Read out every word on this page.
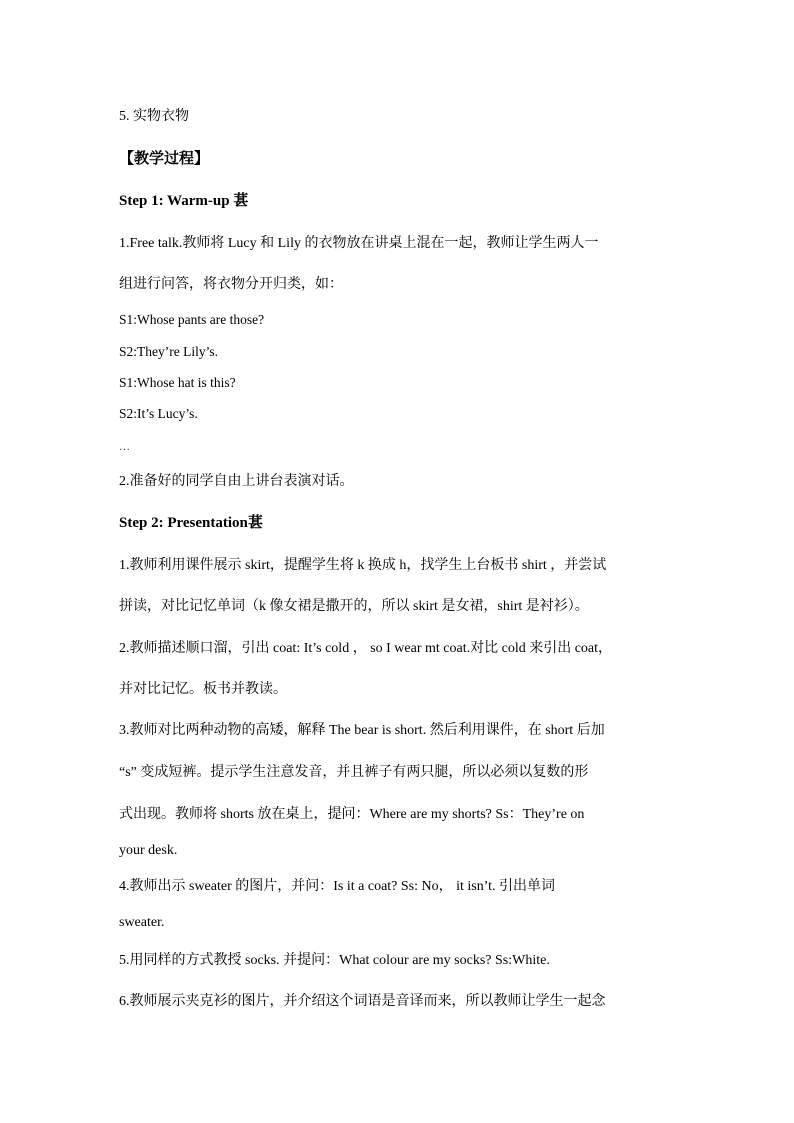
5. 实物衣物
【教学过程】
Step 1: Warm-up 葚
1.Free talk.教师将 Lucy 和 Lily 的衣物放在讲桌上混在一起，教师让学生两人一
组进行问答，将衣物分开归类，如：
S1:Whose pants are those?
S2:They’re Lily’s.
S1:Whose hat is this?
S2:It’s Lucy’s.
…
2.准备好的同学自由上讲台表演对话。
Step 2: Presentation葚
1.教师利用课件展示 skirt，提醒学生将 k 换成 h，找学生上台板书 shirt ，并尝试
拼读，对比记忆单词（k 像女裙是撒开的，所以 skirt 是女裙，shirt 是衬衫）。
2.教师描述顺口溜，引出 coat: It’s cold ， so I wear mt coat.对比 cold 来引出 coat，
并对比记忆。板书并教读。
3.教师对比两种动物的高矮，解释 The bear is short. 然后利用课件，在 short 后加
“s” 变成短裤。提示学生注意发音，并且裤子有两只腿，所以必须以复数的形
式出现。教师将 shorts 放在桌上，提问：Where are my shorts? Ss：They’re on
your desk.
4.教师出示 sweater 的图片，并问：Is it a coat? Ss: No， it isn’t. 引出单词
sweater.
5.用同样的方式教授 socks. 并提问：What colour are my socks? Ss:White.
6.教师展示夹克衫的图片，并介绍这个词语是音译而来，所以教师让学生一起念
